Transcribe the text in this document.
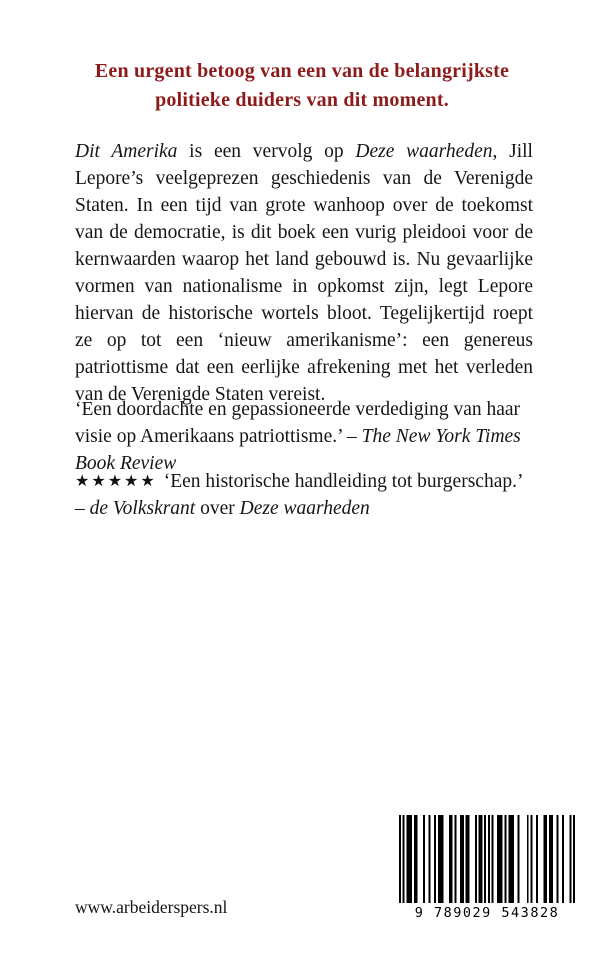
Een urgent betoog van een van de belangrijkste politieke duiders van dit moment.

Dit Amerika is een vervolg op Deze waarheden, Jill Lepore’s veelgeprezen geschiedenis van de Verenigde Staten. In een tijd van grote wanhoop over de toekomst van de democratie, is dit boek een vurig pleidooi voor de kernwaarden waarop het land gebouwd is. Nu gevaarlijke vormen van nationalisme in opkomst zijn, legt Lepore hiervan de historische wortels bloot. Tegelijkertijd roept ze op tot een ‘nieuw amerikanisme’: een genereus patriottisme dat een eerlijke afrekening met het verleden van de Verenigde Staten vereist.

‘Een doordachte en gepassioneerde verdediging van haar visie op Amerikaans patriottisme.’ – The New York Times Book Review

★★★★★ ‘Een historische handleiding tot burgerschap.’
– de Volkskrant over Deze waarheden

www.arbeiderspers.nl	9 789029 543828
